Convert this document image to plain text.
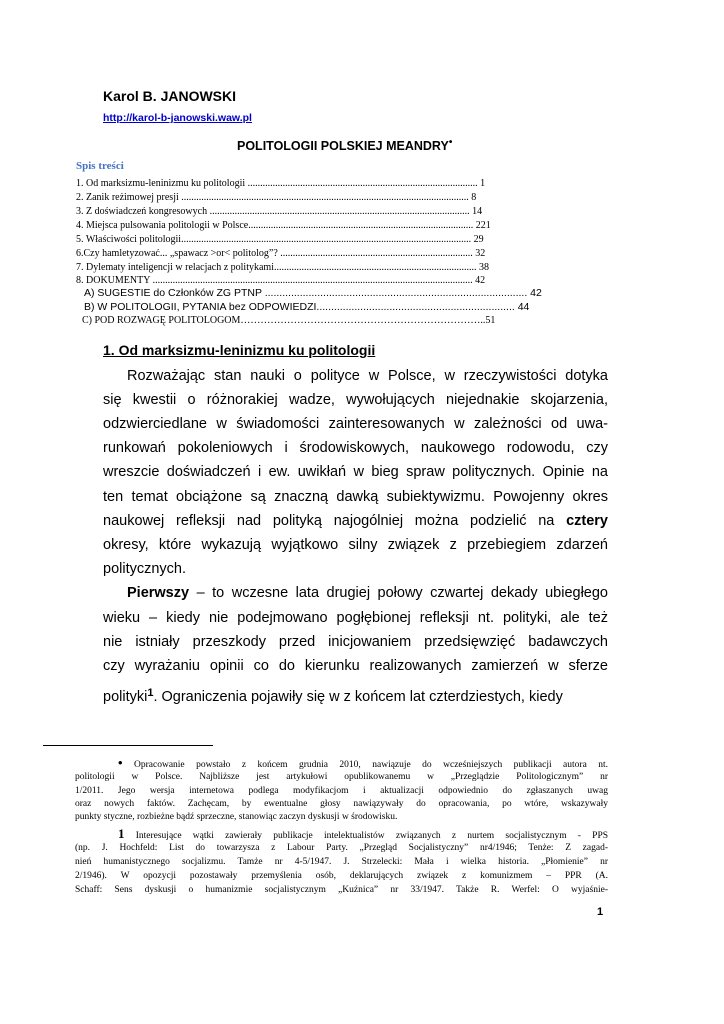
Karol B. JANOWSKI
http://karol-b-janowski.waw.pl
POLITOLOGII POLSKIEJ MEANDRY•
Spis treści
1. Od marksizmu-leninizmu ku politologii ............................................................................................ 1
2. Zanik reżimowej presji ................................................................................................................... 8
3. Z doświadczeń kongresowych ........................................................................................................ 14
4. Miejsca pulsowania politologii w Polsce.......................................................................................... 221
5. Właściwości politologii.................................................................................................................... 29
6.Czy hamletyzować... „spawacz >or< politolog”? ............................................................................. 32
7. Dylematy inteligencji w relacjach z politykami................................................................................. 38
8. DOKUMENTY ................................................................................................................................ 42
A) SUGESTIE do Członków ZG PTNP .......................................................................................... 42
B) W POLITOLOGII, PYTANIA bez ODPOWIEDZI.................................................................... 44
C) POD ROZWAGĘ POLITOLOGOM………………………………………………………………..51
1. Od marksizmu-leninizmu ku politologii
Rozważając stan nauki o polityce w Polsce, w rzeczywistości dotyka
się kwestii o różnorakiej wadze, wywołujących niejednakie skojarzenia,
odzwierciedlane w świadomości zainteresowanych w zależności od uwa-
runkowań pokoleniowych i środowiskowych, naukowego rodowodu, czy
wreszcie doświadczeń i ew. uwikłań w bieg spraw politycznych. Opinie na
ten temat obciążone są znaczną dawką subiektywizmu. Powojenny okres
naukowej refleksji nad polityką najogólniej można podzielić na cztery
okresy, które wykazują wyjątkowo silny związek z przebiegiem zdarzeń
politycznych.
Pierwszy – to wczesne lata drugiej połowy czwartej dekady ubiegłego
wieku – kiedy nie podejmowano pogłębionej refleksji nt. polityki, ale też
nie istniały przeszkody przed inicjowaniem przedsięwzięć badawczych
czy wyrażaniu opinii co do kierunku realizowanych zamierzeń w sferze
polityki$^1$. Ograniczenia pojawiły się w z końcem lat czterdziestych, kiedy
• Opracowanie powstało z końcem grudnia 2010, nawiązuje do wcześniejszych publikacji autora nt.
politologii w Polsce. Najbliższe jest artykułowi opublikowanemu w „Przeglądzie Politologicznym” nr
1/2011. Jego wersja internetowa podlega modyfikacjom i aktualizacji odpowiednio do zgłaszanych uwag
oraz nowych faktów. Zachęcam, by ewentualne głosy nawiązywały do opracowania, po wtóre, wskazywały
punkty styczne, rozbieżne bądź sprzeczne, stanowiąc zaczyn dyskusji w środowisku.
1 Interesujące wątki zawierały publikacje intelektualistów związanych z nurtem socjalistycznym - PPS
(np. J. Hochfeld: List do towarzysza z Labour Party. „Przegląd Socjalistyczny” nr4/1946; Tenże: Z zagad-
nień humanistycznego socjalizmu. Tamże nr 4-5/1947. J. Strzelecki: Mała i wielka historia. „Płomienie” nr
2/1946). W opozycji pozostawały przemyślenia osób, deklarujących związek z komunizmem – PPR (A.
Schaff: Sens dyskusji o humanizmie socjalistycznym „Kuźnica” nr 33/1947. Także R. Werfel: O wyjaśnie-
1
